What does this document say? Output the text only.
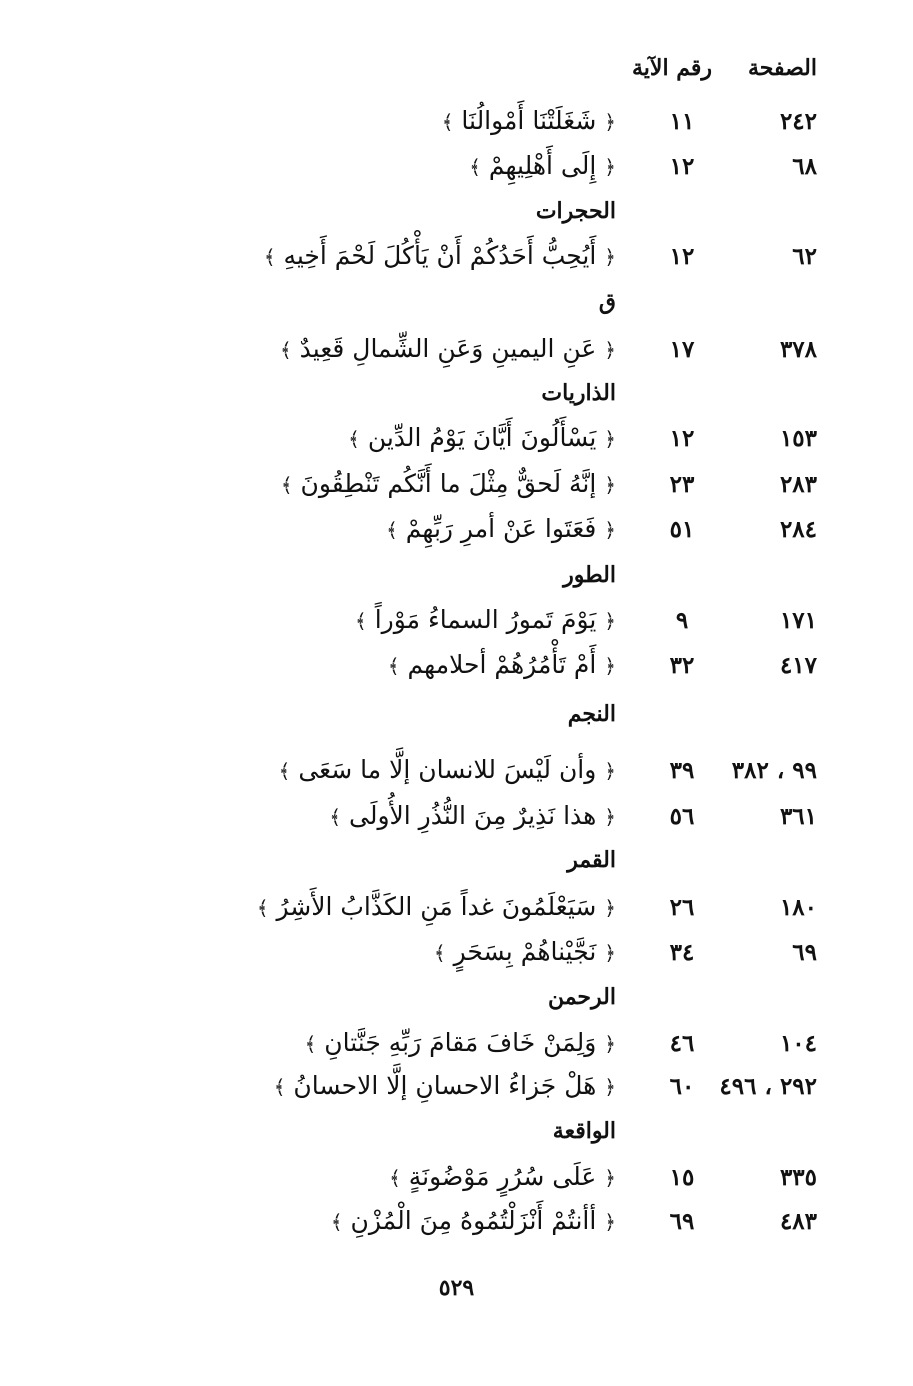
الصفحة
رقم الآية
٢٤٢
١١
﴿ شَغَلَتْنَا أَمْوالُنَا ﴾
٦٨
١٢
﴿ إِلَى أَهْلِيهِمْ ﴾
الحجرات
٦٢
١٢
﴿ أَيُحِبُّ أَحَدُكُمْ أَنْ يَأْكُلَ لَحْمَ أَخِيهِ ﴾
ق
٣٧٨
١٧
﴿ عَنِ اليمينِ وَعَنِ الشِّمالِ قَعِيدٌ ﴾
الذاريات
١٥٣
١٢
﴿ يَسْأَلُونَ أَيَّانَ يَوْمُ الدِّين ﴾
٢٨٣
٢٣
﴿ إنَّهُ لَحقٌّ مِثْلَ ما أَنَّكُم تَنْطِقُونَ ﴾
٢٨٤
٥١
﴿ فَعَتَوا عَنْ أمرِ رَبِّهِمْ ﴾
الطور
١٧١
٩
﴿ يَوْمَ تَمورُ السماءُ مَوْراً ﴾
٤١٧
٣٢
﴿ أَمْ تَأْمُرُهُمْ أحلامهم ﴾
النجم
٩٩ ، ٣٨٢
٣٩
﴿ وأن لَيْسَ للانسان إلَّا ما سَعَى ﴾
٣٦١
٥٦
﴿ هذا نَذِيرٌ مِنَ النُّذُرِ الأُولَى ﴾
القمر
١٨٠
٢٦
﴿ سَيَعْلَمُونَ غداً مَنِ الكَذَّابُ الأَشِرُ ﴾
٦٩
٣٤
﴿ نَجَّيْناهُمْ بِسَحَرٍ ﴾
الرحمن
١٠٤
٤٦
﴿ وَلِمَنْ خَافَ مَقامَ رَبِّهِ جَنَّتانِ ﴾
٢٩٢ ، ٤٩٦
٦٠
﴿ هَلْ جَزاءُ الاحسانِ إلَّا الاحسانُ ﴾
الواقعة
٣٣٥
١٥
﴿ عَلَى سُرُرٍ مَوْضُونَةٍ ﴾
٤٨٣
٦٩
﴿ أأنتُمْ أَنْزَلْتُمُوهُ مِنَ الْمُزْنِ ﴾
٥٢٩
